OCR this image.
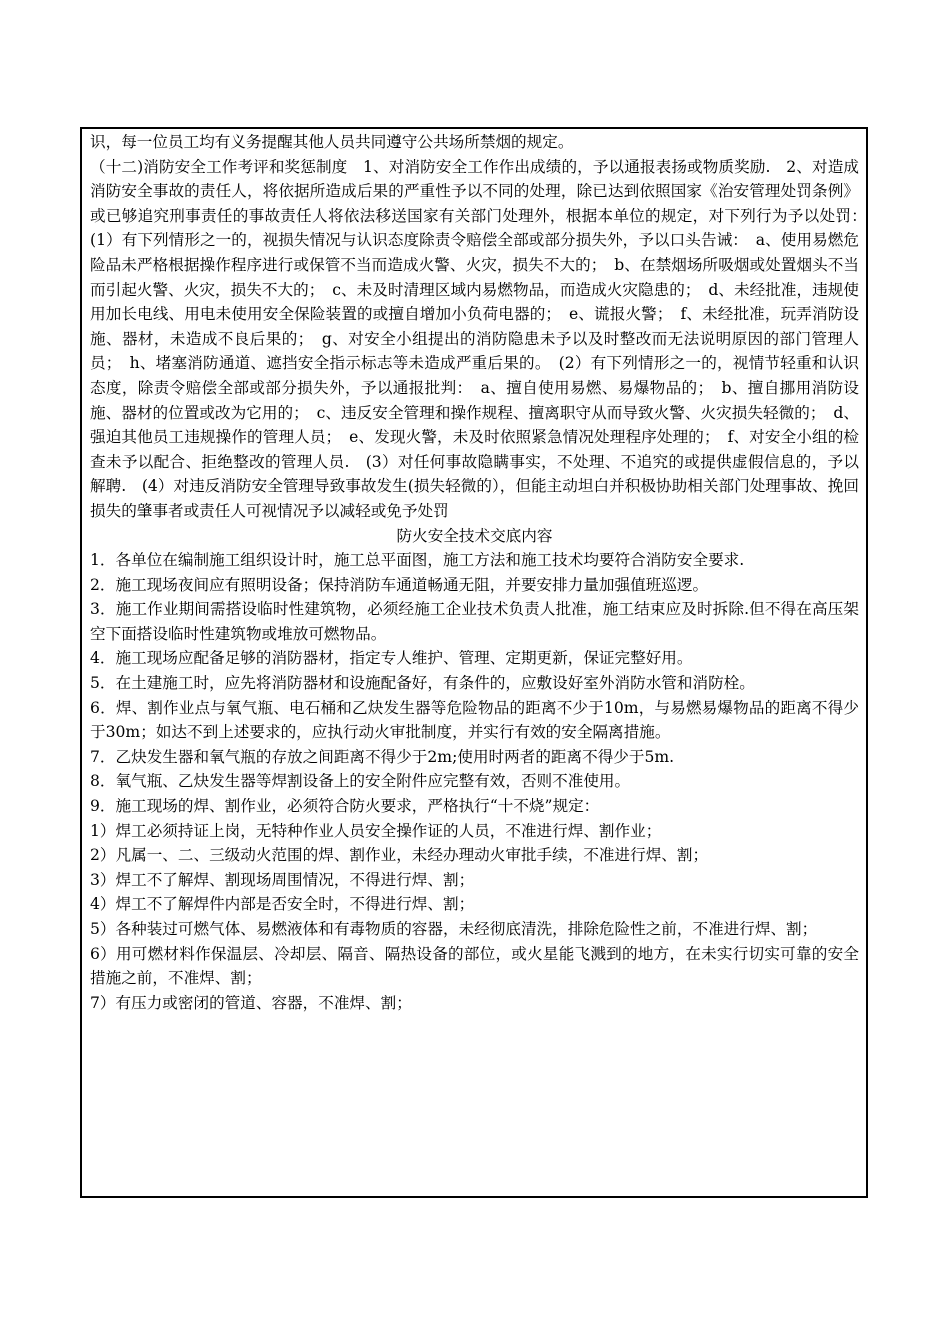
识，每一位员工均有义务提醒其他人员共同遵守公共场所禁烟的规定。

（十二)消防安全工作考评和奖惩制度　1、对消防安全工作作出成绩的，予以通报表扬或物质奖励.　2、对造成消防安全事故的责任人，将依据所造成后果的严重性予以不同的处理，除已达到依照国家《治安管理处罚条例》或已够追究刑事责任的事故责任人将依法移送国家有关部门处理外，根据本单位的规定，对下列行为予以处罚：　(1）有下列情形之一的，视损失情况与认识态度除责令赔偿全部或部分损失外，予以口头告诫：　a、使用易燃危险品未严格根据操作程序进行或保管不当而造成火警、火灾，损失不大的；　b、在禁烟场所吸烟或处置烟头不当而引起火警、火灾，损失不大的；　c、未及时清理区域内易燃物品，而造成火灾隐患的；　d、未经批准，违规使用加长电线、用电未使用安全保险装置的或擅自增加小负荷电器的；　e、谎报火警；　f、未经批准，玩弄消防设施、器材，未造成不良后果的；　g、对安全小组提出的消防隐患未予以及时整改而无法说明原因的部门管理人员；　h、堵塞消防通道、遮挡安全指示标志等未造成严重后果的。　(2）有下列情形之一的，视情节轻重和认识态度，除责令赔偿全部或部分损失外，予以通报批判：　a、擅自使用易燃、易爆物品的；　b、擅自挪用消防设施、器材的位置或改为它用的；　c、违反安全管理和操作规程、擅离职守从而导致火警、火灾损失轻微的；　d、强迫其他员工违规操作的管理人员；　e、发现火警，未及时依照紧急情况处理程序处理的；　f、对安全小组的检查未予以配合、拒绝整改的管理人员.　(3）对任何事故隐瞒事实，不处理、不追究的或提供虚假信息的，予以解聘.　(4）对违反消防安全管理导致事故发生(损失轻微的），但能主动坦白并积极协助相关部门处理事故、挽回损失的肇事者或责任人可视情况予以减轻或免予处罚

防火安全技术交底内容

1．各单位在编制施工组织设计时，施工总平面图，施工方法和施工技术均要符合消防安全要求.

2．施工现场夜间应有照明设备；保持消防车通道畅通无阻，并要安排力量加强值班巡逻。

3．施工作业期间需搭设临时性建筑物，必须经施工企业技术负责人批准，施工结束应及时拆除.但不得在高压架空下面搭设临时性建筑物或堆放可燃物品。

4．施工现场应配备足够的消防器材，指定专人维护、管理、定期更新，保证完整好用。

5．在土建施工时，应先将消防器材和设施配备好，有条件的，应敷设好室外消防水管和消防栓。

6．焊、割作业点与氧气瓶、电石桶和乙炔发生器等危险物品的距离不少于10m，与易燃易爆物品的距离不得少于30m；如达不到上述要求的，应执行动火审批制度，并实行有效的安全隔离措施。

7．乙炔发生器和氧气瓶的存放之间距离不得少于2m;使用时两者的距离不得少于5m.

8．氧气瓶、乙炔发生器等焊割设备上的安全附件应完整有效，否则不准使用。

9．施工现场的焊、割作业，必须符合防火要求，严格执行“十不烧”规定：

1）焊工必须持证上岗，无特种作业人员安全操作证的人员，不准进行焊、割作业；

2）凡属一、二、三级动火范围的焊、割作业，未经办理动火审批手续，不准进行焊、割；

3）焊工不了解焊、割现场周围情况，不得进行焊、割；

4）焊工不了解焊件内部是否安全时，不得进行焊、割；

5）各种装过可燃气体、易燃液体和有毒物质的容器，未经彻底清洗，排除危险性之前，不准进行焊、割；

6）用可燃材料作保温层、冷却层、隔音、隔热设备的部位，或火星能飞溅到的地方，在未实行切实可靠的安全措施之前，不准焊、割；

7）有压力或密闭的管道、容器，不准焊、割；
